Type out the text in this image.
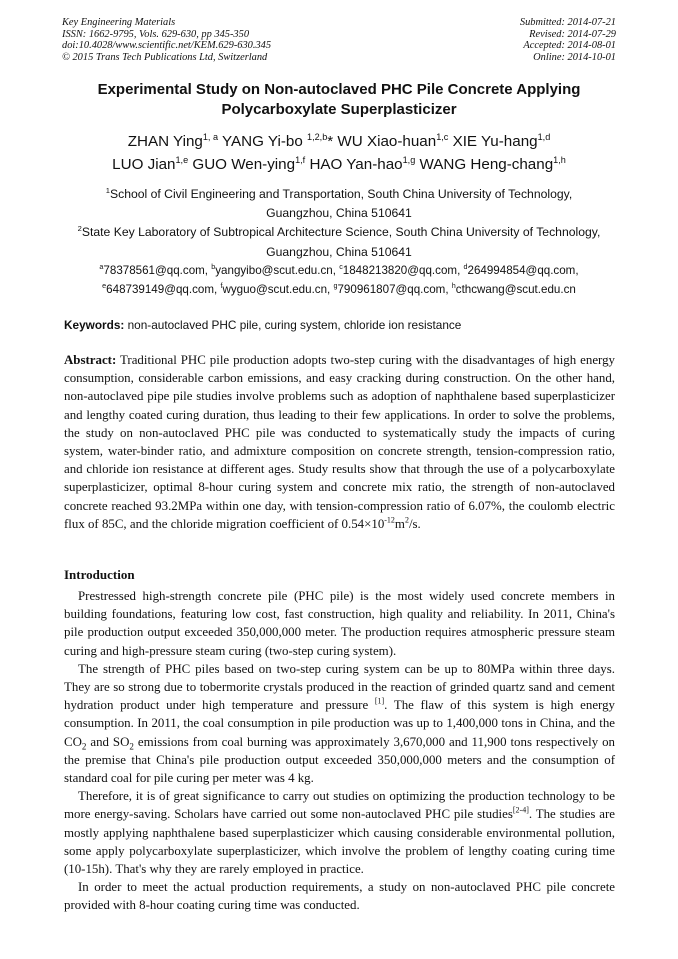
Key Engineering Materials
ISSN: 1662-9795, Vols. 629-630, pp 345-350
doi:10.4028/www.scientific.net/KEM.629-630.345
© 2015 Trans Tech Publications Ltd, Switzerland
Submitted: 2014-07-21
Revised: 2014-07-29
Accepted: 2014-08-01
Online: 2014-10-01
Experimental Study on Non-autoclaved PHC Pile Concrete Applying
Polycarboxylate Superplasticizer
ZHAN Ying$^{1, a}$ YANG Yi-bo $^{1,2,b}$* WU Xiao-huan$^{1,c}$ XIE Yu-hang$^{1,d}$
LUO Jian$^{1,e}$ GUO Wen-ying$^{1,f}$ HAO Yan-hao$^{1,g}$ WANG Heng-chang$^{1,h}$
$^1$School of Civil Engineering and Transportation, South China University of Technology,
Guangzhou, China 510641
$^2$State Key Laboratory of Subtropical Architecture Science, South China University of Technology,
Guangzhou, China 510641
$^a$78378561@qq.com, $^b$yangyibo@scut.edu.cn, $^c$1848213820@qq.com, $^d$264994854@qq.com,
$^e$648739149@qq.com, $^f$wyguo@scut.edu.cn, $^g$790961807@qq.com, $^h$cthcwang@scut.edu.cn
Keywords: non-autoclaved PHC pile, curing system, chloride ion resistance
Abstract: Traditional PHC pile production adopts two-step curing with the disadvantages of high energy consumption, considerable carbon emissions, and easy cracking during construction. On the other hand, non-autoclaved pipe pile studies involve problems such as adoption of naphthalene based superplasticizer and lengthy coated curing duration, thus leading to their few applications. In order to solve the problems, the study on non-autoclaved PHC pile was conducted to systematically study the impacts of curing system, water-binder ratio, and admixture composition on concrete strength, tension-compression ratio, and chloride ion resistance at different ages. Study results show that through the use of a polycarboxylate superplasticizer, optimal 8-hour curing system and concrete mix ratio, the strength of non-autoclaved concrete reached 93.2MPa within one day, with tension-compression ratio of 6.07%, the coulomb electric flux of 85C, and the chloride migration coefficient of $0.54\times 10^{-12}m^2/s$.
Introduction

Prestressed high-strength concrete pile (PHC pile) is the most widely used concrete members in building foundations, featuring low cost, fast construction, high quality and reliability. In 2011, China's pile production output exceeded 350,000,000 meter. The production requires atmospheric pressure steam curing and high-pressure steam curing (two-step curing system).

The strength of PHC piles based on two-step curing system can be up to 80MPa within three days. They are so strong due to tobermorite crystals produced in the reaction of grinded quartz sand and cement hydration product under high temperature and pressure [1]. The flaw of this system is high energy consumption. In 2011, the coal consumption in pile production was up to 1,400,000 tons in China, and the $CO_2$ and $SO_2$ emissions from coal burning was approximately 3,670,000 and 11,900 tons respectively on the premise that China's pile production output exceeded 350,000,000 meters and the consumption of standard coal for pile curing per meter was 4 kg.

Therefore, it is of great significance to carry out studies on optimizing the production technology to be more energy-saving. Scholars have carried out some non-autoclaved PHC pile studies[2-4]. The studies are mostly applying naphthalene based superplasticizer which causing considerable environmental pollution, some apply polycarboxylate superplasticizer, which involve the problem of lengthy coating curing time (10-15h). That's why they are rarely employed in practice.

In order to meet the actual production requirements, a study on non-autoclaved PHC pile concrete provided with 8-hour coating curing time was conducted.
